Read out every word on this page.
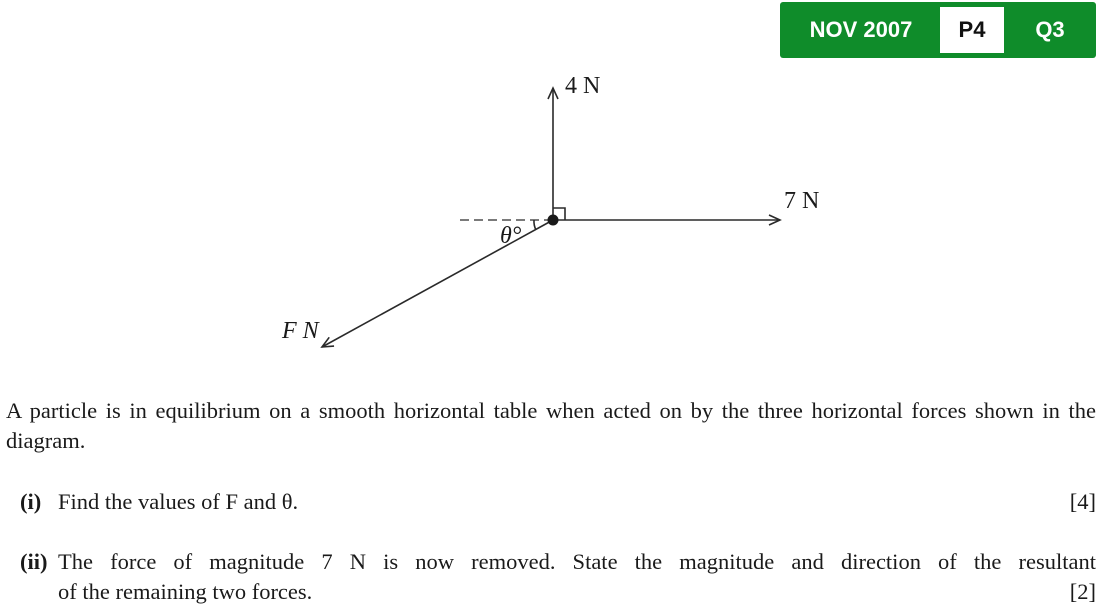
NOV 2007	P4	Q3
4 N
7 N
F N
θ°
A particle is in equilibrium on a smooth horizontal table when acted on by the three horizontal forces shown in the diagram.
(i) Find the values of F and θ.	[4]
(ii) The force of magnitude 7 N is now removed. State the magnitude and direction of the resultant
of the remaining two forces.	[2]
